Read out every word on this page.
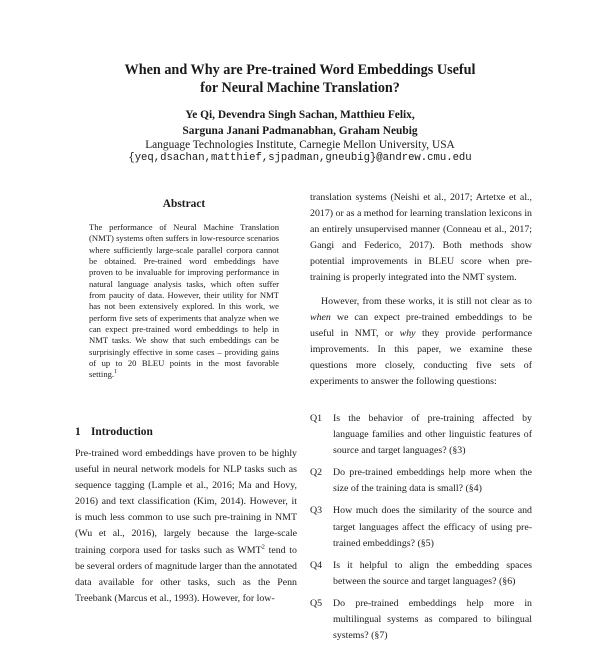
When and Why are Pre-trained Word Embeddings Useful
for Neural Machine Translation?
Ye Qi, Devendra Singh Sachan, Matthieu Felix,
Sarguna Janani Padmanabhan, Graham Neubig
Language Technologies Institute, Carnegie Mellon University, USA
{yeq,dsachan,matthief,sjpadman,gneubig}@andrew.cmu.edu
Abstract
The performance of Neural Machine Translation (NMT) systems often suffers in low-resource scenarios where sufficiently large-scale parallel corpora cannot be obtained. Pre-trained word embeddings have proven to be invaluable for improving performance in natural language analysis tasks, which often suffer from paucity of data. However, their utility for NMT has not been extensively explored. In this work, we perform five sets of experiments that analyze when we can expect pre-trained word embeddings to help in NMT tasks. We show that such embeddings can be surprisingly effective in some cases – providing gains of up to 20 BLEU points in the most favorable setting.$^1$
1 Introduction
Pre-trained word embeddings have proven to be highly useful in neural network models for NLP tasks such as sequence tagging (Lample et al., 2016; Ma and Hovy, 2016) and text classification (Kim, 2014). However, it is much less common to use such pre-training in NMT (Wu et al., 2016), largely because the large-scale training corpora used for tasks such as WMT$^2$ tend to be several orders of magnitude larger than the annotated data available for other tasks, such as the Penn Treebank (Marcus et al., 1993). However, for low-

translation systems (Neishi et al., 2017; Artetxe et al., 2017) or as a method for learning translation lexicons in an entirely unsupervised manner (Conneau et al., 2017; Gangi and Federico, 2017). Both methods show potential improvements in BLEU score when pre-training is properly integrated into the NMT system.

However, from these works, it is still not clear as to when we can expect pre-trained embeddings to be useful in NMT, or why they provide performance improvements. In this paper, we examine these questions more closely, conducting five sets of experiments to answer the following questions:

Q1	Is the behavior of pre-training affected by language families and other linguistic features of source and target languages? (§3)
Q2	Do pre-trained embeddings help more when the size of the training data is small? (§4)
Q3	How much does the similarity of the source and target languages affect the efficacy of using pre-trained embeddings? (§5)
Q4	Is it helpful to align the embedding spaces between the source and target languages? (§6)
Q5	Do pre-trained embeddings help more in multilingual systems as compared to bilingual systems? (§7)
